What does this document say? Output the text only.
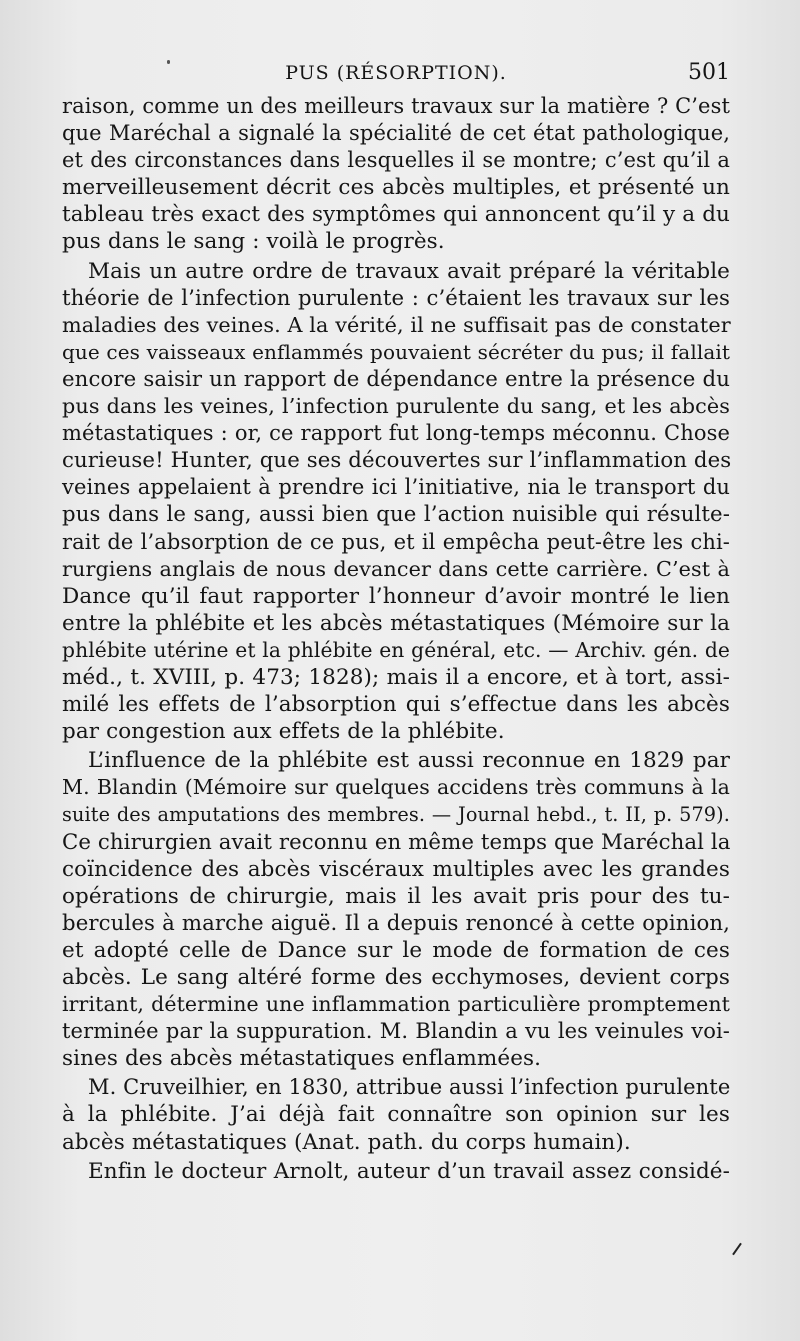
PUS (RÉSORPTION).	501
raison, comme un des meilleurs travaux sur la matière ? C’est
que Maréchal a signalé la spécialité de cet état pathologique,
et des circonstances dans lesquelles il se montre; c’est qu’il a
merveilleusement décrit ces abcès multiples, et présenté un
tableau très exact des symptômes qui annoncent qu’il y a du
pus dans le sang : voilà le progrès.
Mais un autre ordre de travaux avait préparé la véritable
théorie de l’infection purulente : c’étaient les travaux sur les
maladies des veines. A la vérité, il ne suffisait pas de constater
que ces vaisseaux enflammés pouvaient sécréter du pus; il fallait
encore saisir un rapport de dépendance entre la présence du
pus dans les veines, l’infection purulente du sang, et les abcès
métastatiques : or, ce rapport fut long-temps méconnu. Chose
curieuse! Hunter, que ses découvertes sur l’inflammation des
veines appelaient à prendre ici l’initiative, nia le transport du
pus dans le sang, aussi bien que l’action nuisible qui résulte-
rait de l’absorption de ce pus, et il empêcha peut-être les chi-
rurgiens anglais de nous devancer dans cette carrière. C’est à
Dance qu’il faut rapporter l’honneur d’avoir montré le lien
entre la phlébite et les abcès métastatiques (Mémoire sur la
phlébite utérine et la phlébite en général, etc. — Archiv. gén. de
méd., t. XVIII, p. 473; 1828); mais il a encore, et à tort, assi-
milé les effets de l’absorption qui s’effectue dans les abcès
par congestion aux effets de la phlébite.
L’influence de la phlébite est aussi reconnue en 1829 par
M. Blandin (Mémoire sur quelques accidens très communs à la
suite des amputations des membres. — Journal hebd., t. II, p. 579).
Ce chirurgien avait reconnu en même temps que Maréchal la
coïncidence des abcès viscéraux multiples avec les grandes
opérations de chirurgie, mais il les avait pris pour des tu-
bercules à marche aiguë. Il a depuis renoncé à cette opinion,
et adopté celle de Dance sur le mode de formation de ces
abcès. Le sang altéré forme des ecchymoses, devient corps
irritant, détermine une inflammation particulière promptement
terminée par la suppuration. M. Blandin a vu les veinules voi-
sines des abcès métastatiques enflammées.
M. Cruveilhier, en 1830, attribue aussi l’infection purulente
à la phlébite. J’ai déjà fait connaître son opinion sur les
abcès métastatiques (Anat. path. du corps humain).
Enfin le docteur Arnolt, auteur d’un travail assez considé-
